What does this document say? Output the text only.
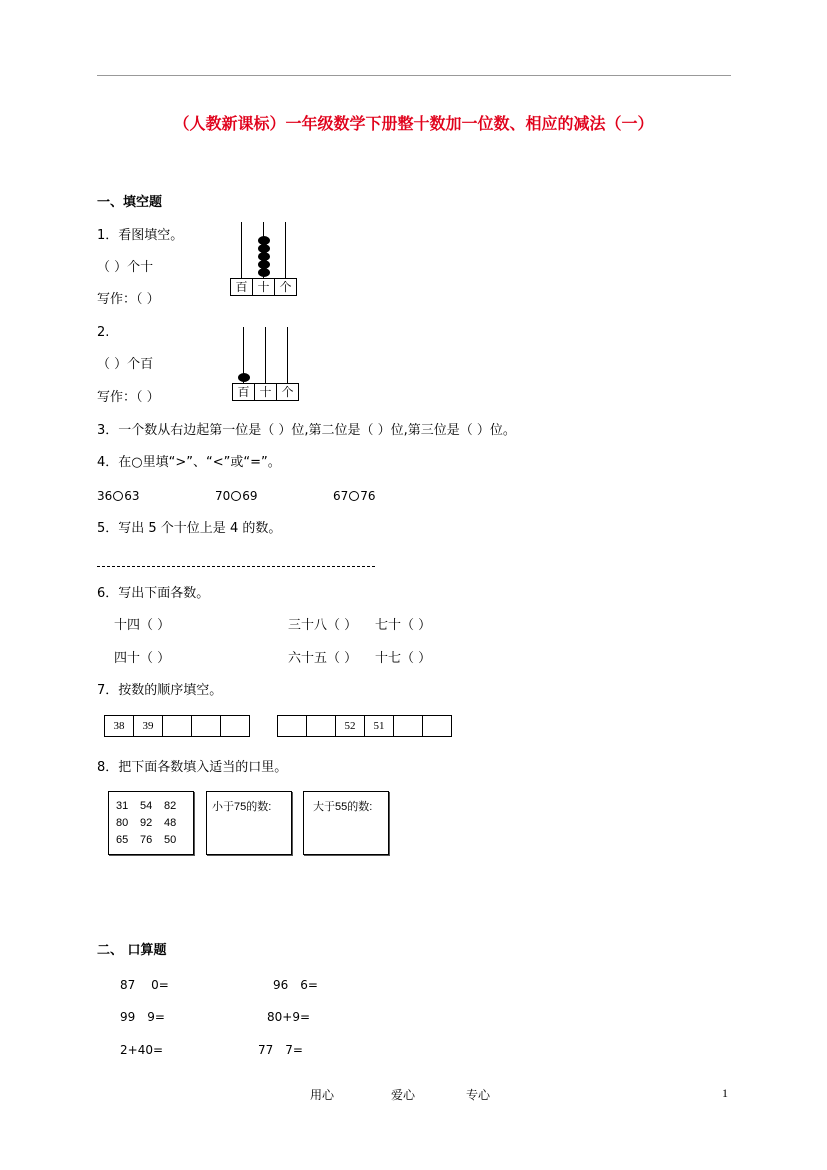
（人教新课标）一年级数学下册整十数加一位数、相应的减法（一）
一、填空题
1．看图填空。
（ ）个十
写作：（ ）
百 十 个
2.
（ ）个百
写作：（ ）	百 十 个
3．一个数从右边起第一位是（ ）位,第二位是（ ）位,第三位是（ ）位。
4．在○里填“>”、“<”或“=”。
36 63	70 69	67 76
5．写出 5 个十位上是 4 的数。
6．写出下面各数。
十四（ ）	三十八（ ） 七十（ ）
四十（ ）	六十五（ ） 十七（ ）
7．按数的顺序填空。
38	39	52	51
8．把下面各数填入适当的口里。
31 54 82
80 92 48
65 76 50
小于75的数:	大于55的数:
二、 口算题
87　 0=	96　6=
99　9=	80+9=
2+40=	77　7=
用心	爱心	专心	1
